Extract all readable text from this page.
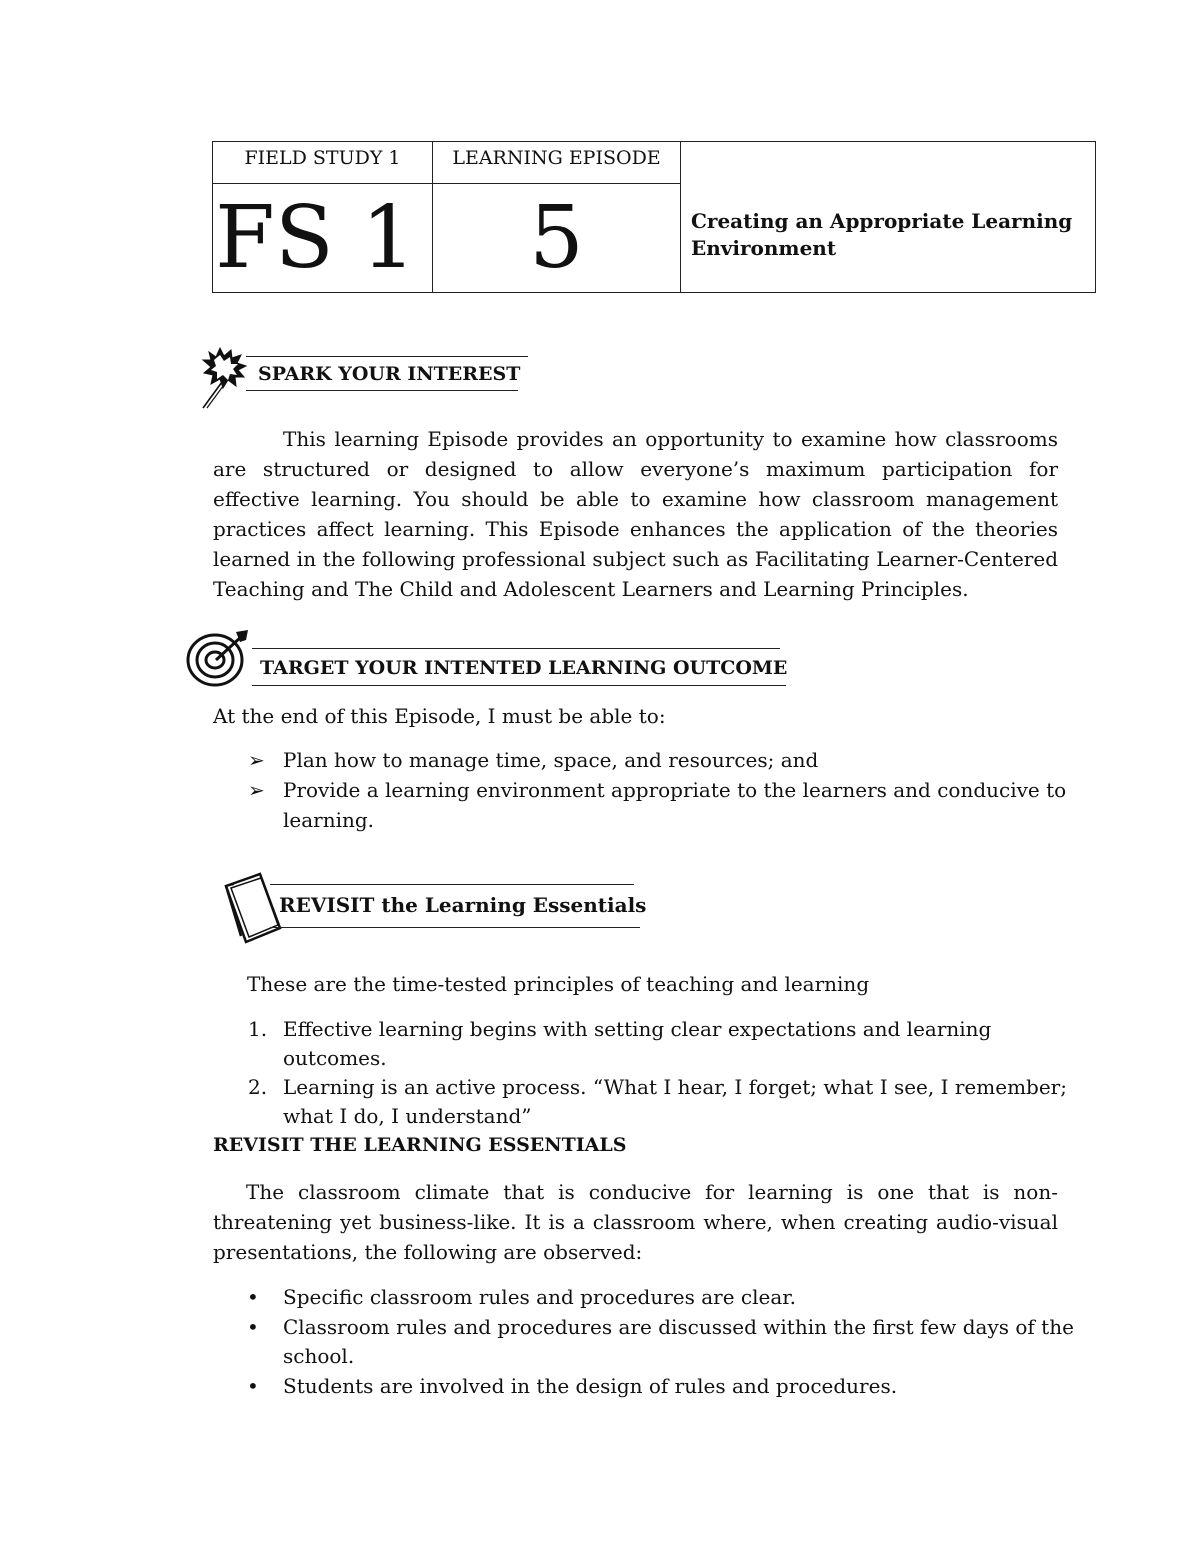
FIELD STUDY 1	LEARNING EPISODE
FS 1	5	Creating an Appropriate Learning Environment
SPARK YOUR INTEREST
This learning Episode provides an opportunity to examine how classrooms are structured or designed to allow everyone’s maximum participation for effective learning. You should be able to examine how classroom management practices affect learning. This Episode enhances the application of the theories learned in the following professional subject such as Facilitating Learner-Centered Teaching and The Child and Adolescent Learners and Learning Principles.
TARGET YOUR INTENTED LEARNING OUTCOME
At the end of this Episode, I must be able to:
➢ Plan how to manage time, space, and resources; and
➢ Provide a learning environment appropriate to the learners and conducive to
learning.
REVISIT the Learning Essentials
These are the time-tested principles of teaching and learning
1. Effective learning begins with setting clear expectations and learning
outcomes.
2. Learning is an active process. “What I hear, I forget; what I see, I remember;
what I do, I understand”
REVISIT THE LEARNING ESSENTIALS
The classroom climate that is conducive for learning is one that is non-
threatening yet business-like. It is a classroom where, when creating audio-visual
presentations, the following are observed:
• Specific classroom rules and procedures are clear.
• Classroom rules and procedures are discussed within the first few days of the
school.
• Students are involved in the design of rules and procedures.
